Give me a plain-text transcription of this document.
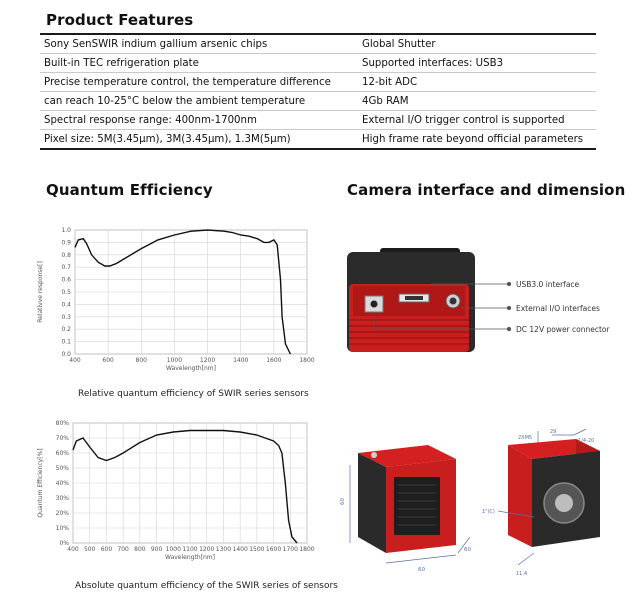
Product Features
Sony SenSWIR indium gallium arsenic chips	Global Shutter
Built-in TEC refrigeration plate	Supported interfaces: USB3
Precise temperature control, the temperature difference	12-bit ADC
can reach 10-25°C below the ambient temperature	4Gb RAM
Spectral response range: 400nm-1700nm	External I/O trigger control is supported
Pixel size: 5M(3.45μm), 3M(3.45μm), 1.3M(5μm)	High frame rate beyond official parameters
Quantum Efficiency	Camera interface and dimension
0.0
0.1
0.2
0.3
0.4
0.5
0.6
0.7
0.8
0.9
1.0
400	600	800	1000	1200	1400	1600	1800
Wavelength[nm]
Relativve response[]
Relative quantum efficiency of SWIR series sensors
0%
10%
20%
30%
40%
50%
60%
70%
80%
400 500 600 700 800 900 1000 1100 1200 1300 1400 1500 1600 1700 1800
Wavelength[nm]
Quantum Efficiency[%]
Absolute quantum efficiency of the SWIR series of sensors
USB3.0 interface
External I/O interfaces
DC 12V power connector
60
60
60
2XM5
29
1/4-20
1"(C)
11.4
